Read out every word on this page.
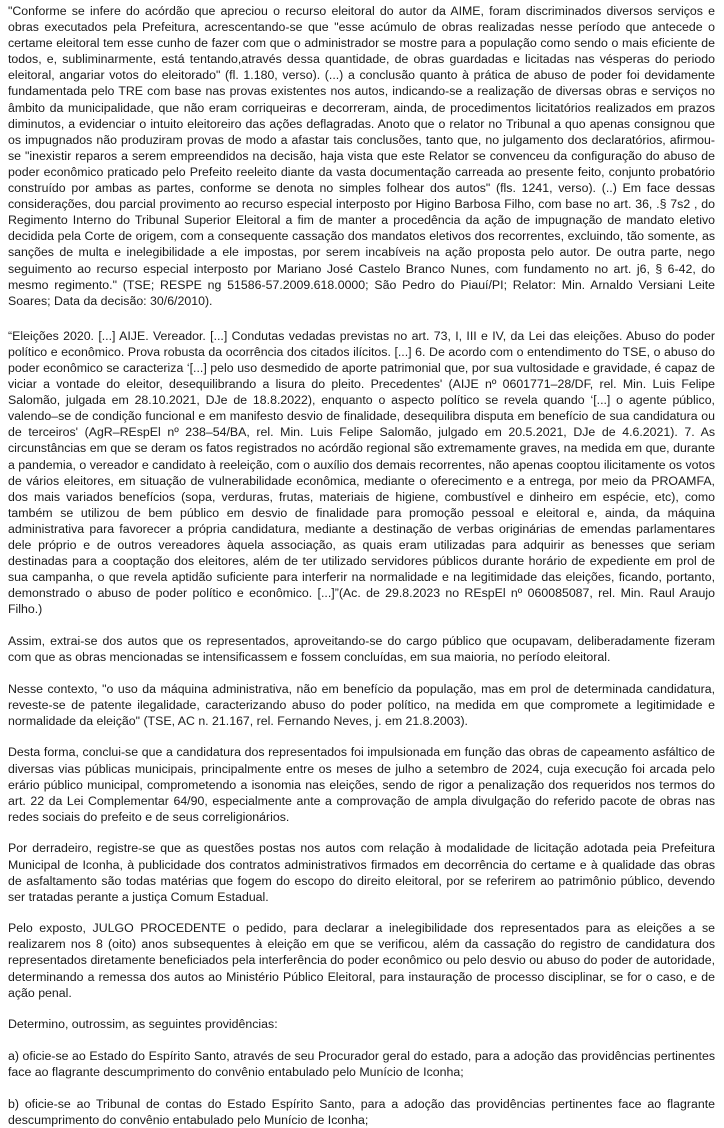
"Conforme se infere do acórdão que apreciou o recurso eleitoral do autor da AIME, foram discriminados diversos serviços e obras executados pela Prefeitura, acrescentando-se que "esse acúmulo de obras realizadas nesse período que antecede o certame eleitoral tem esse cunho de fazer com que o administrador se mostre para a população como sendo o mais eficiente de todos, e, subliminarmente, está tentando,através dessa quantidade, de obras guardadas e licitadas nas vésperas do periodo eleitoral, angariar votos do eleitorado" (fl. 1.180, verso). (...) a conclusão quanto à prática de abuso de poder foi devidamente fundamentada pelo TRE com base nas provas existentes nos autos, indicando-se a realização de diversas obras e serviços no âmbito da municipalidade, que não eram corriqueiras e decorreram, ainda, de procedimentos licitatórios realizados em prazos diminutos, a evidenciar o intuito eleitoreiro das ações deflagradas. Anoto que o relator no Tribunal a quo apenas consignou que os impugnados não produziram provas de modo a afastar tais conclusões, tanto que, no julgamento dos declaratórios, afirmou-se "inexistir reparos a serem empreendidos na decisão, haja vista que este Relator se convenceu da configuração do abuso de poder econômico praticado pelo Prefeito reeleito diante da vasta documentação carreada ao presente feito, conjunto probatório construído por ambas as partes, conforme se denota no simples folhear dos autos" (fls. 1241, verso). (..) Em face dessas considerações, dou parcial provimento ao recurso especial interposto por Higino Barbosa Filho, com base no art. 36, .§ 7s2 , do Regimento Interno do Tribunal Superior Eleitoral a fim de manter a procedência da ação de impugnação de mandato eletivo decidida pela Corte de origem, com a consequente cassação dos mandatos eletivos dos recorrentes, excluindo, tão somente, as sanções de multa e inelegibilidade a ele impostas, por serem incabíveis na ação proposta pelo autor. De outra parte, nego seguimento ao recurso especial interposto por Mariano José Castelo Branco Nunes, com fundamento no art. j6, § 6-42, do mesmo regimento." (TSE; RESPE ng 51586-57.2009.618.0000; São Pedro do Piauí/PI; Relator: Min. Arnaldo Versiani Leite Soares; Data da decisão: 30/6/2010).

“Eleições 2020. [...] AIJE. Vereador. [...] Condutas vedadas previstas no art. 73, I, III e IV, da Lei das eleições. Abuso do poder político e econômico. Prova robusta da ocorrência dos citados ilícitos. [...] 6. De acordo com o entendimento do TSE, o abuso do poder econômico se caracteriza ‘[...] pelo uso desmedido de aporte patrimonial que, por sua vultosidade e gravidade, é capaz de viciar a vontade do eleitor, desequilibrando a lisura do pleito. Precedentes' (AIJE nº 0601771–28/DF, rel. Min. Luis Felipe Salomão, julgada em 28.10.2021, DJe de 18.8.2022), enquanto o aspecto político se revela quando ‘[...] o agente público, valendo–se de condição funcional e em manifesto desvio de finalidade, desequilibra disputa em benefício de sua candidatura ou de terceiros' (AgR–REspEl nº 238–54/BA, rel. Min. Luis Felipe Salomão, julgado em 20.5.2021, DJe de 4.6.2021). 7. As circunstâncias em que se deram os fatos registrados no acórdão regional são extremamente graves, na medida em que, durante a pandemia, o vereador e candidato à reeleição, com o auxílio dos demais recorrentes, não apenas cooptou ilicitamente os votos de vários eleitores, em situação de vulnerabilidade econômica, mediante o oferecimento e a entrega, por meio da PROAMFA, dos mais variados benefícios (sopa, verduras, frutas, materiais de higiene, combustível e dinheiro em espécie, etc), como também se utilizou de bem público em desvio de finalidade para promoção pessoal e eleitoral e, ainda, da máquina administrativa para favorecer a própria candidatura, mediante a destinação de verbas originárias de emendas parlamentares dele próprio e de outros vereadores àquela associação, as quais eram utilizadas para adquirir as benesses que seriam destinadas para a cooptação dos eleitores, além de ter utilizado servidores públicos durante horário de expediente em prol de sua campanha, o que revela aptidão suficiente para interferir na normalidade e na legitimidade das eleições, ficando, portanto, demonstrado o abuso de poder político e econômico. [...]”(Ac. de 29.8.2023 no REspEl nº 060085087, rel. Min. Raul Araujo Filho.)

Assim, extrai-se dos autos que os representados, aproveitando-se do cargo público que ocupavam, deliberadamente fizeram com que as obras mencionadas se intensificassem e fossem concluídas, em sua maioria, no período eleitoral.

Nesse contexto, "o uso da máquina administrativa, não em benefício da população, mas em prol de determinada candidatura, reveste-se de patente ilegalidade, caracterizando abuso do poder político, na medida em que compromete a legitimidade e normalidade da eleição" (TSE, AC n. 21.167, rel. Fernando Neves, j. em 21.8.2003).

Desta forma, conclui-se que a candidatura dos representados foi impulsionada em função das obras de capeamento asfáltico de diversas vias públicas municipais, principalmente entre os meses de julho a setembro de 2024, cuja execução foi arcada pelo erário público municipal, comprometendo a isonomia nas eleições, sendo de rigor a penalização dos requeridos nos termos do art. 22 da Lei Complementar 64/90, especialmente ante a comprovação de ampla divulgação do referido pacote de obras nas redes sociais do prefeito e de seus correligionários.

Por derradeiro, registre-se que as questões postas nos autos com relação à modalidade de licitação adotada peia Prefeitura Municipal de Iconha, à publicidade dos contratos administrativos firmados em decorrência do certame e à qualidade das obras de asfaltamento são todas matérias que fogem do escopo do direito eleitoral, por se referirem ao patrimônio público, devendo ser tratadas perante a justiça Comum Estadual.

Pelo exposto, JULGO PROCEDENTE o pedido, para declarar a inelegibilidade dos representados para as eleições a se realizarem nos 8 (oito) anos subsequentes à eleição em que se verificou, além da cassação do registro de candidatura dos representados diretamente beneficiados pela interferência do poder econômico ou pelo desvio ou abuso do poder de autoridade, determinando a remessa dos autos ao Ministério Público Eleitoral, para instauração de processo disciplinar, se for o caso, e de ação penal.

Determino, outrossim, as seguintes providências:

a) oficie-se ao Estado do Espírito Santo, através de seu Procurador geral do estado, para a adoção das providências pertinentes face ao flagrante descumprimento do convênio entabulado pelo Munício de Iconha;

b) oficie-se ao Tribunal de contas do Estado Espírito Santo, para a adoção das providências pertinentes face ao flagrante descumprimento do convênio entabulado pelo Munício de Iconha;
